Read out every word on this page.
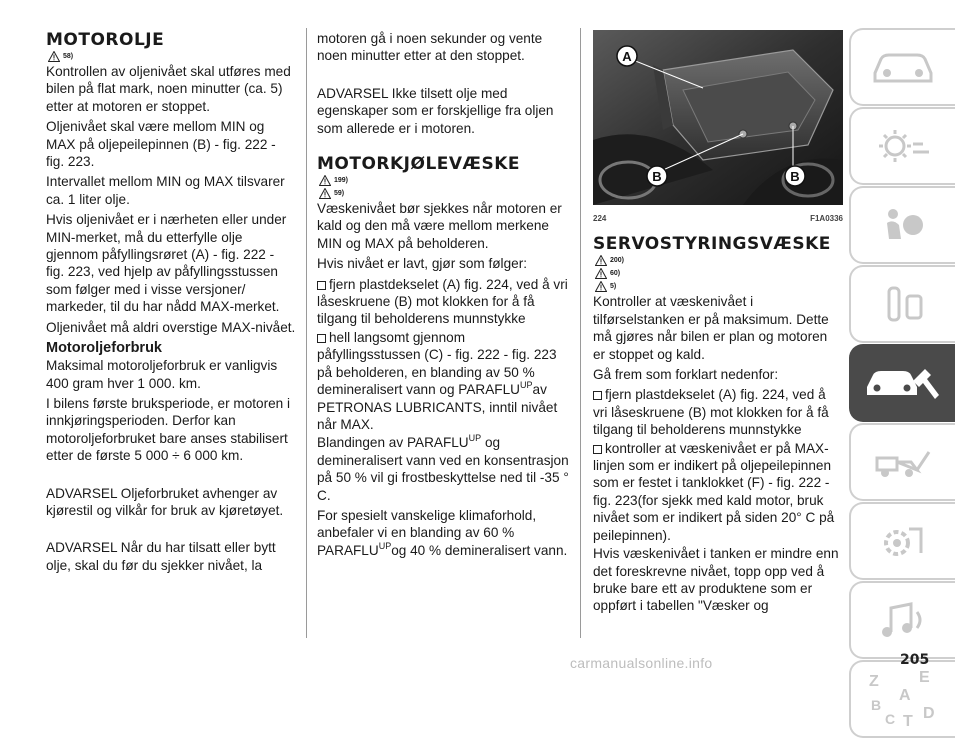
MOTOROLJE
58)

Kontrollen av oljenivået skal utføres med bilen på flat mark, noen minutter (ca. 5) etter at motoren er stoppet.

Oljenivået skal være mellom MIN og MAX på oljepeilepinnen (B) - fig. 222 - fig. 223.

Intervallet mellom MIN og MAX tilsvarer ca. 1 liter olje.

Hvis oljenivået er i nærheten eller under MIN-merket, må du etterfylle olje gjennom påfyllingsrøret (A) - fig. 222 - fig. 223, ved hjelp av påfyllingsstussen som følger med i visse versjoner/ markeder, til du har nådd MAX-merket.

Oljenivået må aldri overstige MAX-nivået.

Motoroljeforbruk

Maksimal motoroljeforbruk er vanligvis 400 gram hver 1 000. km.

I bilens første bruksperiode, er motoren i innkjøringsperioden. Derfor kan motoroljeforbruket bare anses stabilisert etter de første 5 000 ÷ 6 000 km.

ADVARSEL Oljeforbruket avhenger av kjørestil og vilkår for bruk av kjøretøyet.

ADVARSEL Når du har tilsatt eller bytt olje, skal du før du sjekker nivået, la

motoren gå i noen sekunder og vente noen minutter etter at den stoppet.

ADVARSEL Ikke tilsett olje med egenskaper som er forskjellige fra oljen som allerede er i motoren.

MOTORKJØLEVÆSKE
199)
59)

Væskenivået bør sjekkes når motoren er kald og den må være mellom merkene MIN og MAX på beholderen.

Hvis nivået er lavt, gjør som følger:

fjern plastdekselet (A) fig. 224, ved å vri låseskruene (B) mot klokken for å få tilgang til beholderens munnstykke

hell langsomt gjennom påfyllingsstussen (C) - fig. 222 - fig. 223 på beholderen, en blanding av 50 % demineralisert vann og $PARAFLU^{UP}av$ PETRONAS LUBRICANTS, inntil nivået når MAX.

Blandingen av $PARAFLU^{UP}$ og demineralisert vann ved en konsentrasjon på 50 % vil gi frostbeskyttelse ned til -35 ° C.

For spesielt vanskelige klimaforhold, anbefaler vi en blanding av 60 % $PARAFLU^{UP}og$ 40 % demineralisert vann.

A
B	B
224	F1A0336
SERVOSTYRINGSVÆSKE
200)
60)
5)

Kontroller at væskenivået i tilførselstanken er på maksimum. Dette må gjøres når bilen er plan og motoren er stoppet og kald.

Gå frem som forklart nedenfor:

fjern plastdekselet (A) fig. 224, ved å vri låseskruene (B) mot klokken for å få tilgang til beholderens munnstykke

kontroller at væskenivået er på MAX-linjen som er indikert på oljepeilepinnen som er festet i tanklokket (F) - fig. 222 - fig. 223(for sjekk med kald motor, bruk nivået som er indikert på siden 20° C på peilepinnen).

Hvis væskenivået i tanken er mindre enn det foreskrevne nivået, topp opp ved å bruke bare ett av produktene som er oppført i tabellen "Væsker og

Z	E
A
B
C T D
carmanualsonline.info	205
